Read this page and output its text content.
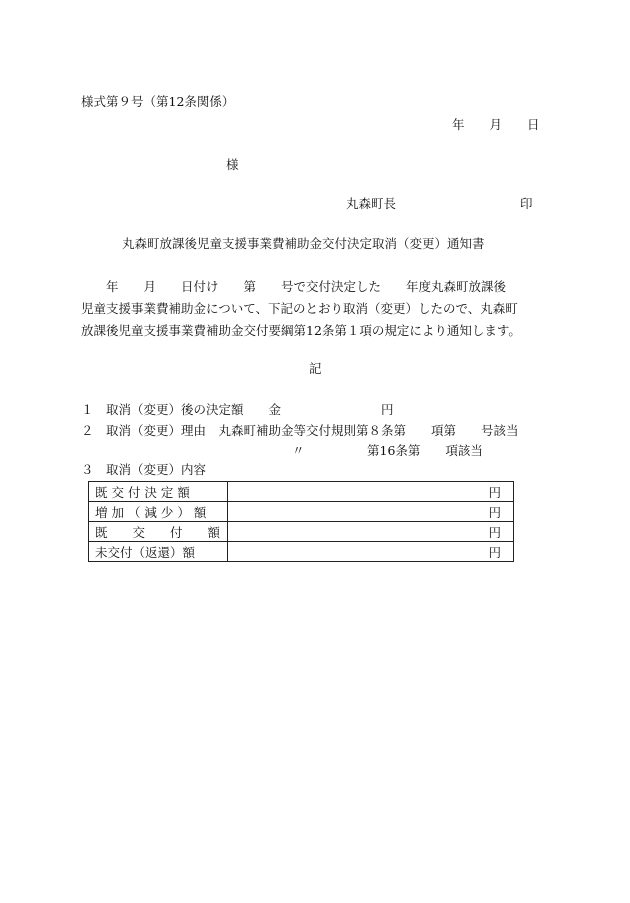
様式第９号（第12条関係）
年　　月　　日
様
丸森町長	印
丸森町放課後児童支援事業費補助金交付決定取消（変更）通知書
　　年　　月　　日付け　　第　　号で交付決定した　　年度丸森町放課後
児童支援事業費補助金について、下記のとおり取消（変更）したので、丸森町
放課後児童支援事業費補助金交付要綱第12条第１項の規定により通知します。
記
１　取消（変更）後の決定額　　金　　　　　　　　円
２　取消（変更）理由　丸森町補助金等交付規則第８条第　　項第　　号該当
〃　　　　　第16条第　　項該当
３　取消（変更）内容
既 交 付 決 定 額	円
増 加 （ 減 少 ） 額	円
既　　交　　付　　額	円
未交付（返還）額	円
